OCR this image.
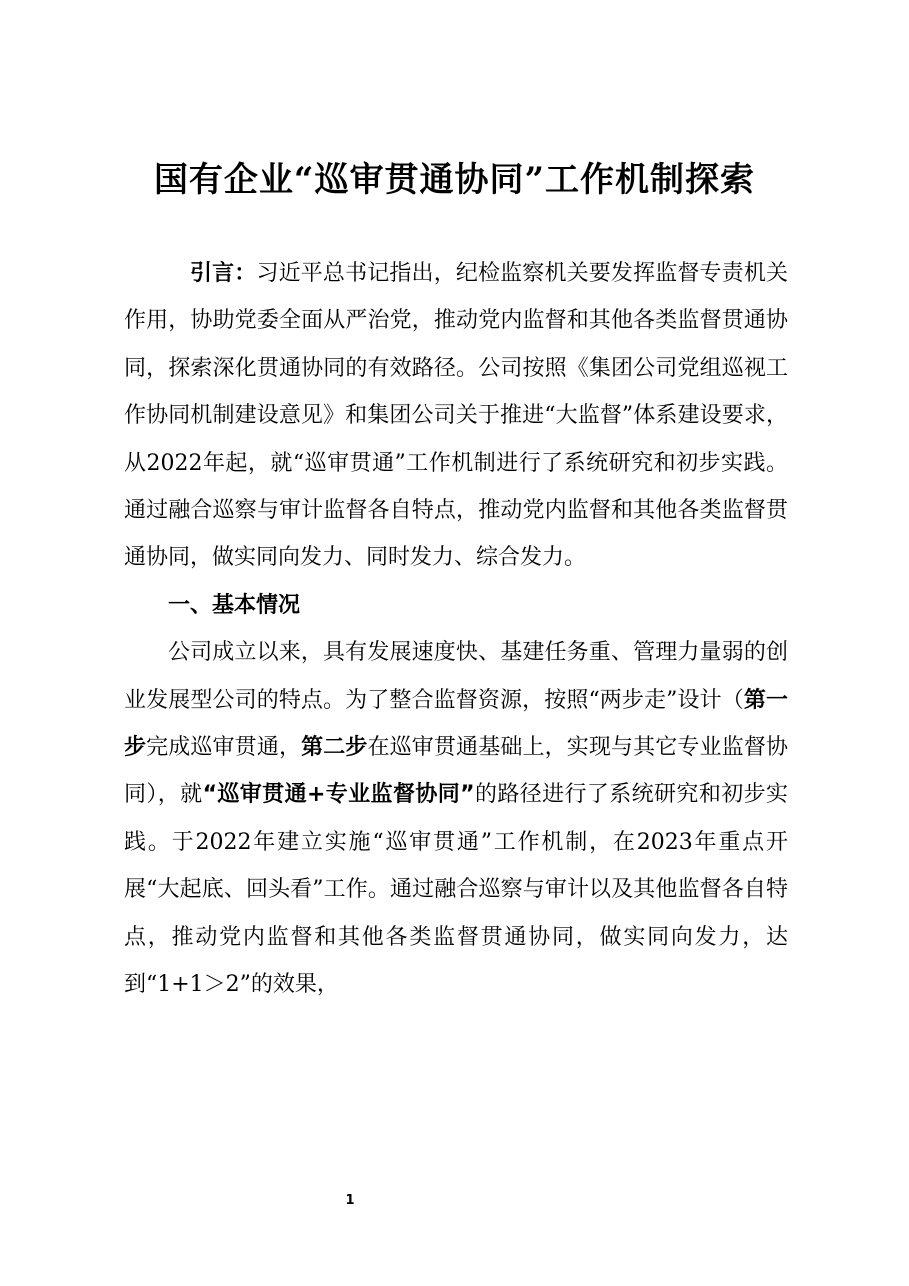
国有企业“巡审贯通协同”工作机制探索

引言：习近平总书记指出，纪检监察机关要发挥监督专责机关作用，协助党委全面从严治党，推动党内监督和其他各类监督贯通协同，探索深化贯通协同的有效路径。公司按照《集团公司党组巡视工作协同机制建设意见》和集团公司关于推进“大监督”体系建设要求，从2022年起，就“巡审贯通”工作机制进行了系统研究和初步实践。通过融合巡察与审计监督各自特点，推动党内监督和其他各类监督贯通协同，做实同向发力、同时发力、综合发力。

一、基本情况

公司成立以来，具有发展速度快、基建任务重、管理力量弱的创业发展型公司的特点。为了整合监督资源，按照“两步走”设计（第一步完成巡审贯通，第二步在巡审贯通基础上，实现与其它专业监督协同），就“巡审贯通+专业监督协同”的路径进行了系统研究和初步实践。于2022年建立实施“巡审贯通”工作机制，在2023年重点开展“大起底、回头看”工作。通过融合巡察与审计以及其他监督各自特点，推动党内监督和其他各类监督贯通协同，做实同向发力，达到“1+1＞2”的效果，

1
